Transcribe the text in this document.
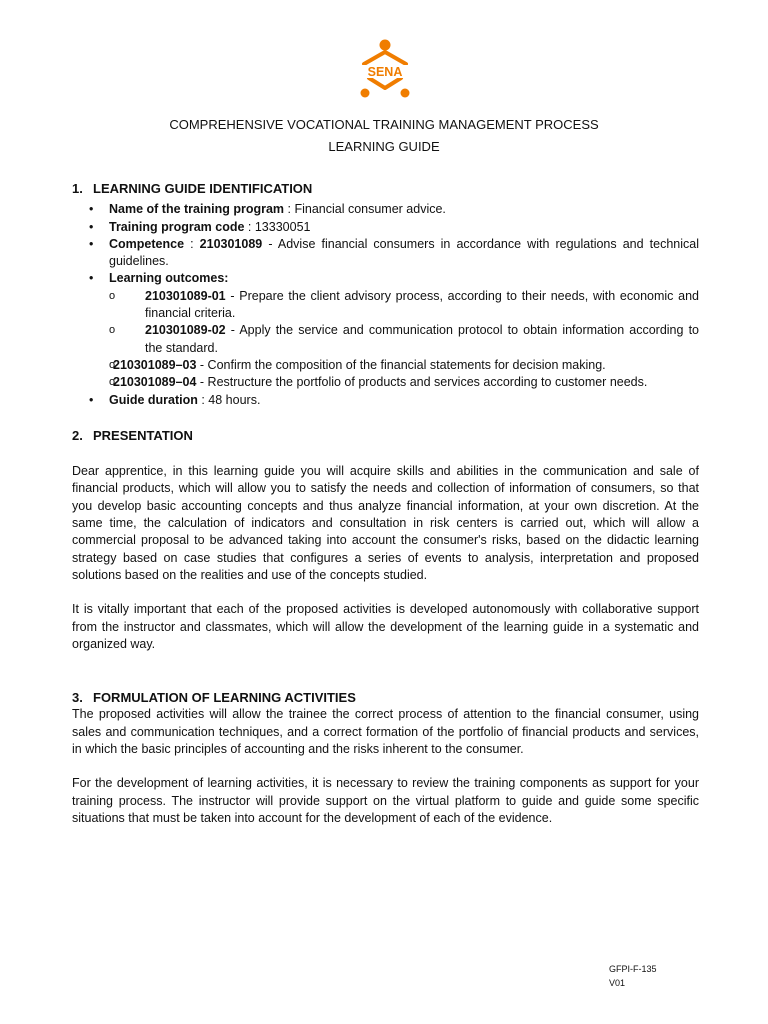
SENA
COMPREHENSIVE VOCATIONAL TRAINING MANAGEMENT PROCESS
LEARNING GUIDE
1. LEARNING GUIDE IDENTIFICATION
• Name of the training program : Financial consumer advice.
• Training program code : 13330051
• Competence : 210301089 - Advise financial consumers in accordance with regulations and technical guidelines.
• Learning outcomes:
o 210301089-01 - Prepare the client advisory process, according to their needs, with economic and financial criteria.
o 210301089-02 - Apply the service and communication protocol to obtain information according to the standard.
o 210301089–03 - Confirm the composition of the financial statements for decision making.
o 210301089–04 - Restructure the portfolio of products and services according to customer needs.
• Guide duration : 48 hours.
2. PRESENTATION

Dear apprentice, in this learning guide you will acquire skills and abilities in the communication and sale of financial products, which will allow you to satisfy the needs and collection of information of consumers, so that you develop basic accounting concepts and thus analyze financial information, at your own discretion. At the same time, the calculation of indicators and consultation in risk centers is carried out, which will allow a commercial proposal to be advanced taking into account the consumer's risks, based on the didactic learning strategy based on case studies that configures a series of events to analysis, interpretation and proposed solutions based on the realities and use of the concepts studied.

It is vitally important that each of the proposed activities is developed autonomously with collaborative support from the instructor and classmates, which will allow the development of the learning guide in a systematic and organized way.

3. FORMULATION OF LEARNING ACTIVITIES

The proposed activities will allow the trainee the correct process of attention to the financial consumer, using sales and communication techniques, and a correct formation of the portfolio of financial products and services, in which the basic principles of accounting and the risks inherent to the consumer.

For the development of learning activities, it is necessary to review the training components as support for your training process. The instructor will provide support on the virtual platform to guide and guide some specific situations that must be taken into account for the development of each of the evidence.

GFPI-F-135
V01
